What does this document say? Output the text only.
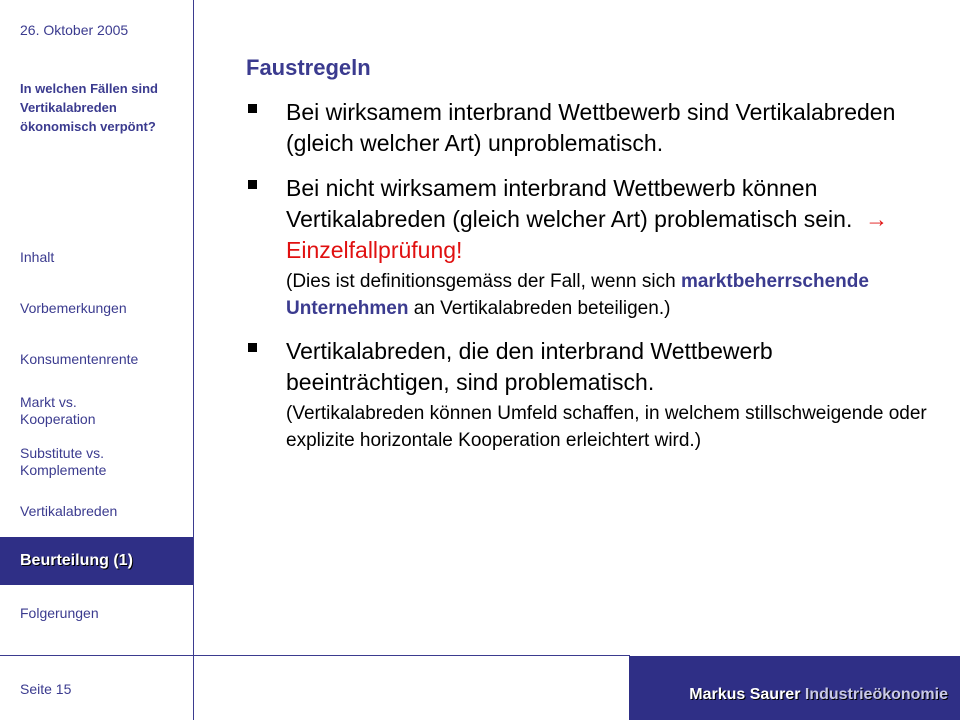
26. Oktober 2005
In welchen Fällen sind Vertikalabreden ökonomisch verpönt?
Inhalt
Vorbemerkungen
Konsumentenrente
Markt vs. Kooperation
Substitute vs. Komplemente
Vertikalabreden
Beurteilung (1)
Folgerungen
Seite 15	Markus Saurer Industrieökonomie
Faustregeln
Bei wirksamem interbrand Wettbewerb sind Vertikalabreden (gleich welcher Art) unproblematisch.
Bei nicht wirksamem interbrand Wettbewerb können Vertikalabreden (gleich welcher Art) problematisch sein. → Einzelfallprüfung!
(Dies ist definitionsgemäss der Fall, wenn sich marktbeherrschende Unternehmen an Vertikalabreden beteiligen.)
Vertikalabreden, die den interbrand Wettbewerb beeinträchtigen, sind problematisch.
(Vertikalabreden können Umfeld schaffen, in welchem stillschweigende oder explizite horizontale Kooperation erleichtert wird.)
